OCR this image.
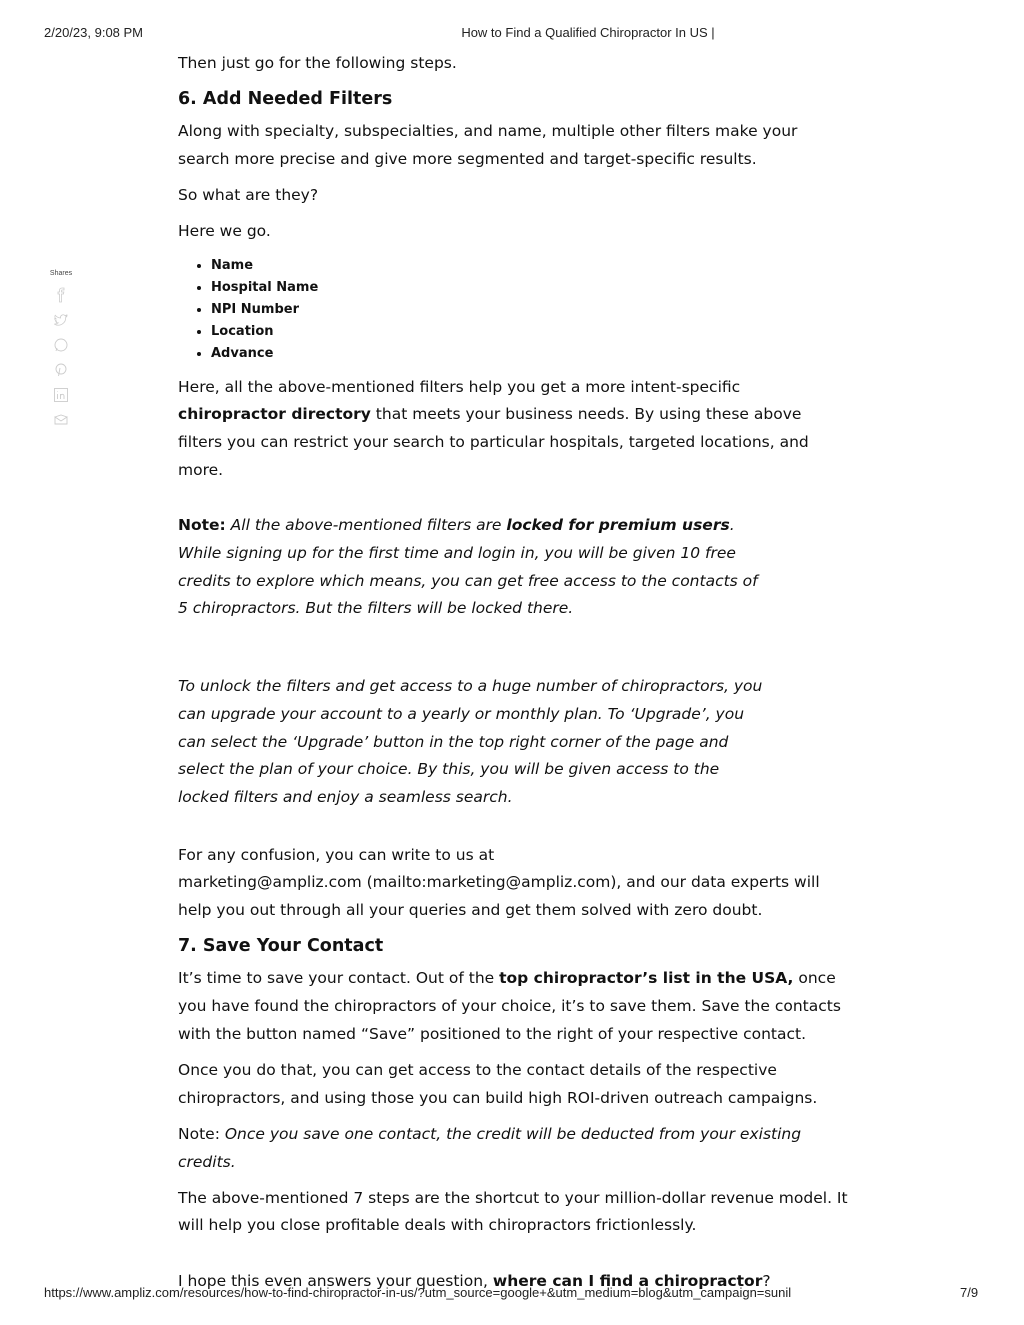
2/20/23, 9:08 PM	How to Find a Qualified Chiropractor In US |
Shares

Then just go for the following steps.

6. Add Needed Filters

Along with specialty, subspecialties, and name, multiple other filters make your search more precise and give more segmented and target-specific results.

So what are they?

Here we go.

• Name
• Hospital Name
• NPI Number
• Location
• Advance

Here, all the above-mentioned filters help you get a more intent-specific chiropractor directory that meets your business needs. By using these above filters you can restrict your search to particular hospitals, targeted locations, and more.

Note: All the above-mentioned filters are locked for premium users. While signing up for the first time and login in, you will be given 10 free credits to explore which means, you can get free access to the contacts of 5 chiropractors. But the filters will be locked there.

To unlock the filters and get access to a huge number of chiropractors, you can upgrade your account to a yearly or monthly plan. To ‘Upgrade’, you can select the ‘Upgrade’ button in the top right corner of the page and select the plan of your choice. By this, you will be given access to the locked filters and enjoy a seamless search.

For any confusion, you can write to us at
marketing@ampliz.com (mailto:marketing@ampliz.com), and our data experts will help you out through all your queries and get them solved with zero doubt.

7. Save Your Contact

It’s time to save your contact. Out of the top chiropractor’s list in the USA, once you have found the chiropractors of your choice, it’s to save them. Save the contacts with the button named “Save” positioned to the right of your respective contact.

Once you do that, you can get access to the contact details of the respective chiropractors, and using those you can build high ROI-driven outreach campaigns.

Note: Once you save one contact, the credit will be deducted from your existing credits.

The above-mentioned 7 steps are the shortcut to your million-dollar revenue model. It will help you close profitable deals with chiropractors frictionlessly.

I hope this even answers your question, where can I find a chiropractor?

https://www.ampliz.com/resources/how-to-find-chiropractor-in-us/?utm_source=google+&utm_medium=blog&utm_campaign=sunil	7/9
